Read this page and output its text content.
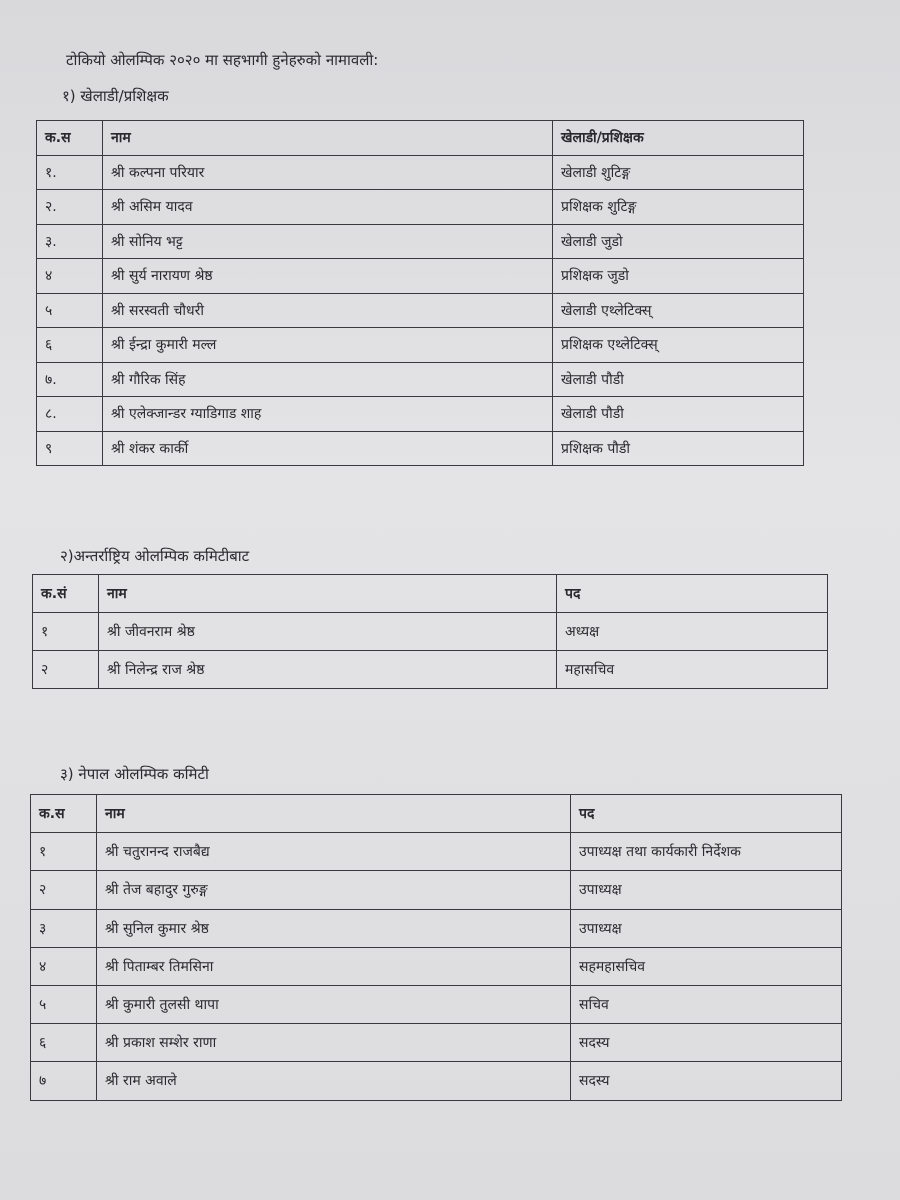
टोकियो ओलम्पिक २०२० मा सहभागी हुनेहरुको नामावली:
१) खेलाडी/प्रशिक्षक
क.स	नाम	खेलाडी/प्रशिक्षक
१.	श्री कल्पना परियार	खेलाडी शुटिङ्ग
२.	श्री असिम यादव	प्रशिक्षक शुटिङ्ग
३.	श्री सोनिय भट्ट	खेलाडी जुडो
४	श्री सुर्य नारायण श्रेष्ठ	प्रशिक्षक जुडो
५	श्री सरस्वती चौधरी	खेलाडी एथ्लेटिक्स्
६	श्री ईन्द्रा कुमारी मल्ल	प्रशिक्षक एथ्लेटिक्स्
७.	श्री गौरिक सिंह	खेलाडी पौडी
८.	श्री एलेक्जान्डर ग्याडिगाड शाह	खेलाडी पौडी
९	श्री शंकर कार्की	प्रशिक्षक पौडी
२)अन्तर्राष्ट्रिय ओलम्पिक कमिटीबाट
क.सं	नाम	पद
१	श्री जीवनराम श्रेष्ठ	अध्यक्ष
२	श्री निलेन्द्र राज श्रेष्ठ	महासचिव
३) नेपाल ओलम्पिक कमिटी
क.स	नाम	पद
१	श्री चतुरानन्द राजबैद्य	उपाध्यक्ष तथा कार्यकारी निर्देशक
२	श्री तेज बहादुर गुरुङ्ग	उपाध्यक्ष
३	श्री सुनिल कुमार श्रेष्ठ	उपाध्यक्ष
४	श्री पिताम्बर तिमसिना	सहमहासचिव
५	श्री कुमारी तुलसी थापा	सचिव
६	श्री प्रकाश सम्शेर राणा	सदस्य
७	श्री राम अवाले	सदस्य
